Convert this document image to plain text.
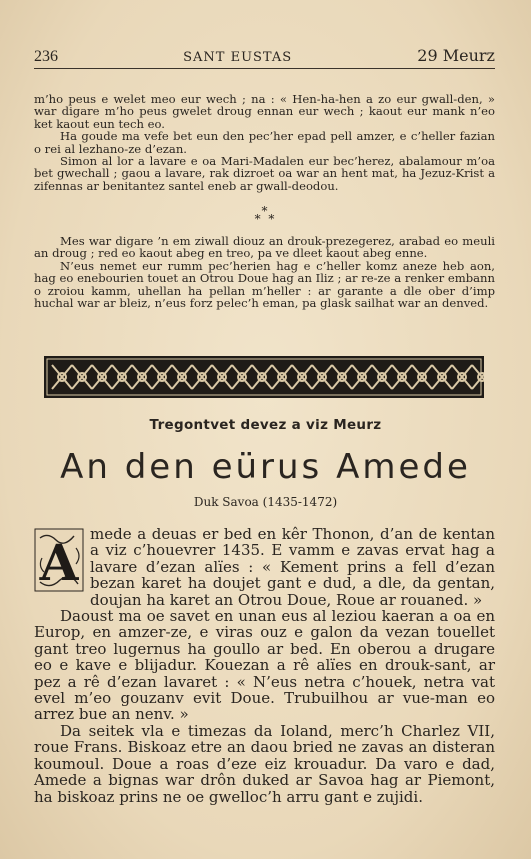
236	SANT EUSTAS	29 Meurz

m’ho peus e welet meo eur wech ; na : « Hen-ha-hen a zo eur gwall-den, » war digare m’ho peus gwelet droug ennan eur wech ; kaout eur mank n’eo ket kaout eun tech eo.

Ha goude ma vefe bet eun den pec’her epad pell amzer, e c’heller fazian o rei al lezhano-ze d’ezan.

Simon al lor a lavare e oa Mari-Madalen eur bec’herez, abalamour m’oa bet gwechall ; gaou a lavare, rak dizroet oa war an hent mat, ha Jezuz-Krist a zifennas ar benitantez santel eneb ar gwall-deodou.

*
* *

Mes war digare ’n em ziwall diouz an drouk-prezegerez, arabad eo meuli an droug ; red eo kaout abeg en treo, pa ve dleet kaout abeg enne.

N’eus nemet eur rumm pec’herien hag e c’heller komz aneze heb aon, hag eo enebourien touet an Otrou Doue hag an Iliz ; ar re-ze a renker embann o zroiou kamm, uhellan ha pellan m’heller : ar garante a dle ober d’imp huchal war ar bleiz, n’eus forz pelec’h eman, pa glask sailhat war an denved.

Tregontvet devez a viz Meurz
An den eürus Amede
Duk Savoa (1435-1472)
A mede a deuas er bed en kêr Thonon, d’an de kentan a viz c’houevrer 1435. E vamm e zavas ervat hag a lavare d’ezan alïes : « Kement prins a fell d’ezan bezan karet ha doujet gant e dud, a dle, da gentan, doujan ha karet an Otrou Doue, Roue ar rouaned. »

Daoust ma oe savet en unan eus al leziou kaeran a oa en Europ, en amzer-ze, e viras ouz e galon da vezan touellet gant treo lugernus ha goullo ar bed. En oberou a drugare eo e kave e blijadur. Kouezan a rê alïes en drouk-sant, ar pez a rê d’ezan lavaret : « N’eus netra c’houek, netra vat evel m’eo gouzanv evit Doue. Trubuilhou ar vue-man eo arrez bue an nenv. »

Da seitek vla e timezas da Ioland, merc’h Charlez VII, roue Frans. Biskoaz etre an daou bried ne zavas an disteran koumoul. Doue a roas d’eze eiz krouadur. Da varo e dad, Amede a bignas war drôn duked ar Savoa hag ar Piemont, ha biskoaz prins ne oe gwelloc’h arru gant e zujidi.
